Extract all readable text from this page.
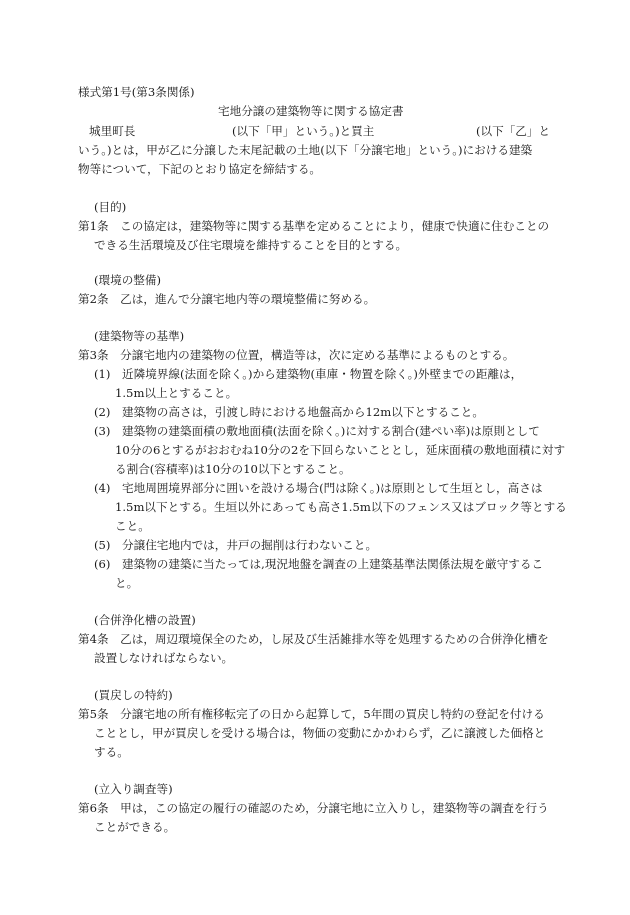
様式第1号(第3条関係)
宅地分譲の建築物等に関する協定書
城里町長	(以下「甲」という。)と買主	(以下「乙」と
いう。)とは，甲が乙に分譲した末尾記載の土地(以下「分譲宅地」という。)における建築
物等について，下記のとおり協定を締結する。
(目的)
第1条　この協定は，建築物等に関する基準を定めることにより，健康で快適に住むことの
できる生活環境及び住宅環境を維持することを目的とする。
(環境の整備)
第2条　乙は，進んで分譲宅地内等の環境整備に努める。
(建築物等の基準)
第3条　分譲宅地内の建築物の位置，構造等は，次に定める基準によるものとする。
(1)　近隣境界線(法面を除く。)から建築物(車庫・物置を除く。)外壁までの距離は，
1.5m以上とすること。
(2)　建築物の高さは，引渡し時における地盤高から12m以下とすること。
(3)　建築物の建築面積の敷地面積(法面を除く。)に対する割合(建ぺい率)は原則として
10分の6とするがおおむね10分の2を下回らないこととし，延床面積の敷地面積に対す
る割合(容積率)は10分の10以下とすること。
(4)　宅地周囲境界部分に囲いを設ける場合(門は除く。)は原則として生垣とし，高さは
1.5m以下とする。生垣以外にあっても高さ1.5m以下のフェンス又はブロック等とする
こと。
(5)　分譲住宅地内では，井戸の掘削は行わないこと。
(6)　建築物の建築に当たっては,現況地盤を調査の上建築基準法関係法規を厳守するこ
と。
(合併浄化槽の設置)
第4条　乙は，周辺環境保全のため，し尿及び生活雑排水等を処理するための合併浄化槽を
設置しなければならない。
(買戻しの特約)
第5条　分譲宅地の所有権移転完了の日から起算して，5年間の買戻し特約の登記を付ける
こととし，甲が買戻しを受ける場合は，物価の変動にかかわらず，乙に譲渡した価格と
する。
(立入り調査等)
第6条　甲は，この協定の履行の確認のため，分譲宅地に立入りし，建築物等の調査を行う
ことができる。
